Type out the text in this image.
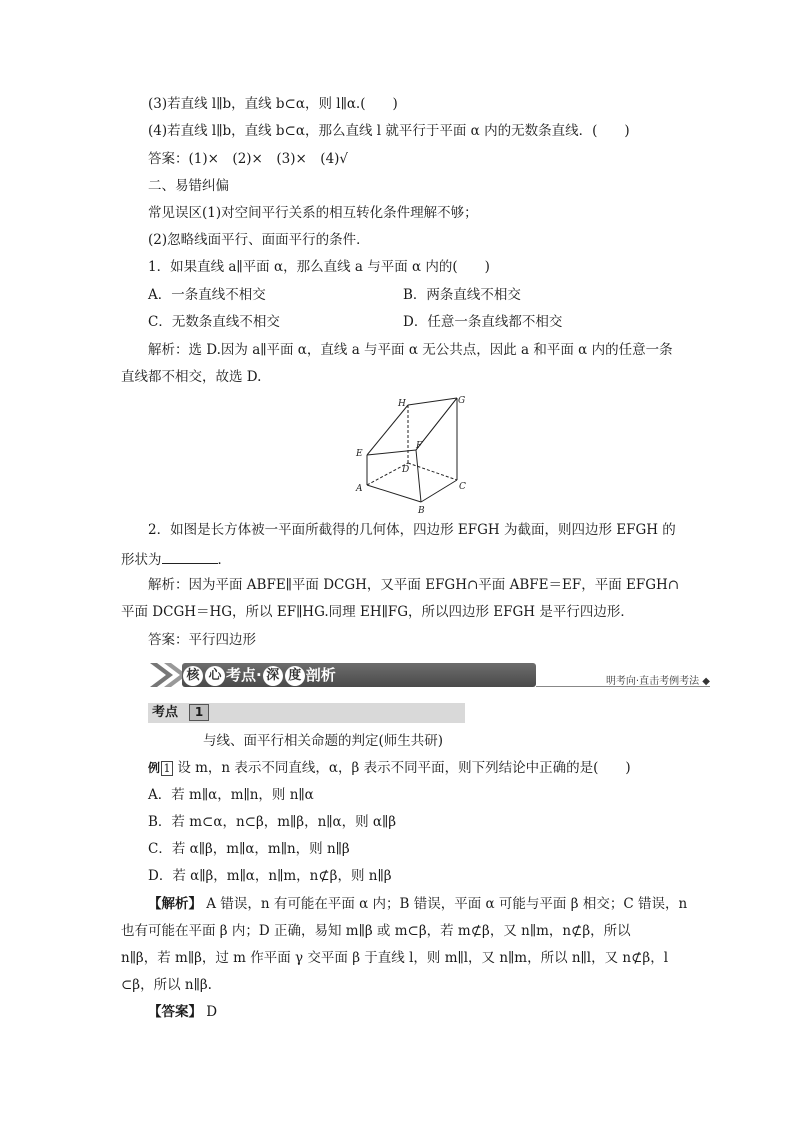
(3)若直线 l∥b，直线 b⊂α，则 l∥α.(　　)
(4)若直线 l∥b，直线 b⊂α，那么直线 l 就平行于平面 α 内的无数条直线．(　　)
答案：(1)×　(2)×　(3)×　(4)√
二、易错纠偏
常见误区(1)对空间平行关系的相互转化条件理解不够；
(2)忽略线面平行、面面平行的条件．
1．如果直线 a∥平面 α，那么直线 a 与平面 α 内的(　　)
A．一条直线不相交	B．两条直线不相交
C．无数条直线不相交	D．任意一条直线都不相交
解析：选 D.因为 a∥平面 α，直线 a 与平面 α 无公共点，因此 a 和平面 α 内的任意一条
直线都不相交，故选 D.
H	G
F
E
D
A
B
C
2．如图是长方体被一平面所截得的几何体，四边形 EFGH 为截面，则四边形 EFGH 的
形状为	．
解析：因为平面 ABFE∥平面 DCGH，又平面 EFGH∩平面 ABFE＝EF，平面 EFGH∩
平面 DCGH＝HG，所以 EF∥HG.同理 EH∥FG，所以四边形 EFGH 是平行四边形．
答案：平行四边形
核 心 考点· 深 度 剖析	明考向·直击考例考法 ◆
考点	1
与线、面平行相关命题的判定(师生共研)
例 1 设 m，n 表示不同直线，α，β 表示不同平面，则下列结论中正确的是(　　)
A．若 m∥α，m∥n，则 n∥α
B．若 m⊂α，n⊂β，m∥β，n∥α，则 α∥β
C．若 α∥β，m∥α，m∥n，则 n∥β
D．若 α∥β，m∥α，n∥m，n⊄β，则 n∥β
【解析】 A 错误，n 有可能在平面 α 内；B 错误，平面 α 可能与平面 β 相交；C 错误，n
也有可能在平面 β 内；D 正确，易知 m∥β 或 m⊂β，若 m⊄β，又 n∥m，n⊄β，所以
n∥β，若 m∥β，过 m 作平面 γ 交平面 β 于直线 l，则 m∥l，又 n∥m，所以 n∥l，又 n⊄β，l
⊂β，所以 n∥β.
【答案】 D
